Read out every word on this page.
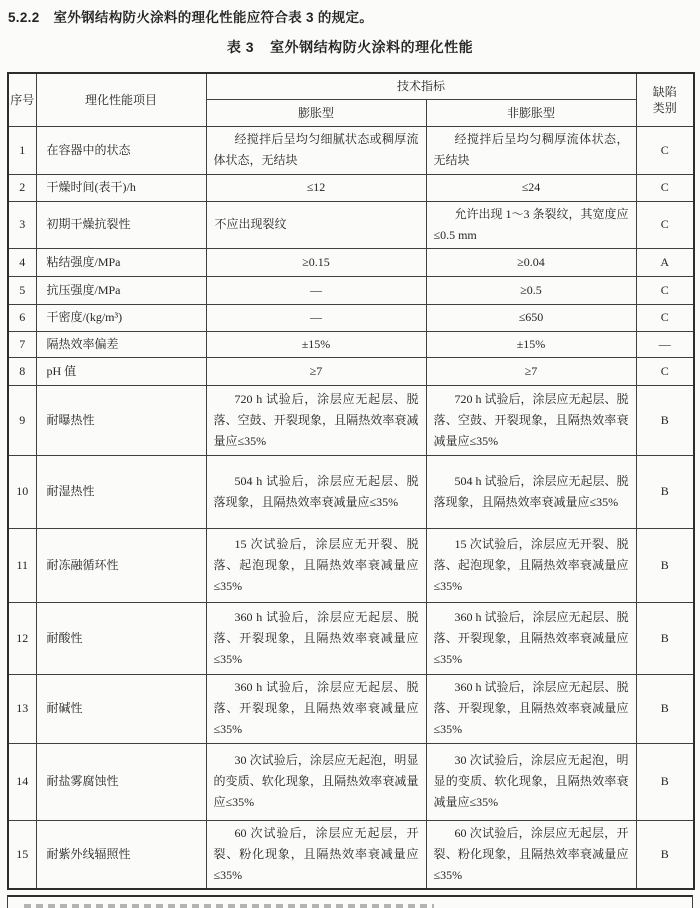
5.2.2 室外钢结构防火涂料的理化性能应符合表 3 的规定。
表 3 室外钢结构防火涂料的理化性能
序号	理化性能项目	技术指标		缺陷
类别

		膨胀型	非膨胀型	
1	在容器中的状态	经搅拌后呈均匀细腻状态或稠厚流体状态，无结块	经搅拌后呈均匀稠厚流体状态，无结块	C
2	干燥时间(表干)/h	≤12	≤24	C
3	初期干燥抗裂性	不应出现裂纹	允许出现 1～3 条裂纹，其宽度应≤0.5 mm	C
4	粘结强度/MPa	≥0.15	≥0.04	A
5	抗压强度/MPa	—	≥0.5	C
6	干密度/(kg/m³)	—	≤650	C
7	隔热效率偏差	±15%	±15%	—
8	pH 值	≥7	≥7	C
9	耐曝热性	720 h 试验后，涂层应无起层、脱落、空鼓、开裂现象，且隔热效率衰减量应≤35%	720 h 试验后，涂层应无起层、脱落、空鼓、开裂现象，且隔热效率衰减量应≤35%	B
10	耐湿热性	504 h 试验后，涂层应无起层、脱落现象，且隔热效率衰减量应≤35%	504 h 试验后，涂层应无起层、脱落现象，且隔热效率衰减量应≤35%	B
11	耐冻融循环性	15 次试验后，涂层应无开裂、脱落、起泡现象，且隔热效率衰减量应≤35%	15 次试验后，涂层应无开裂、脱落、起泡现象，且隔热效率衰减量应≤35%	B
12	耐酸性	360 h 试验后，涂层应无起层、脱落、开裂现象，且隔热效率衰减量应≤35%	360 h 试验后，涂层应无起层、脱落、开裂现象，且隔热效率衰减量应≤35%	B
13	耐碱性	360 h 试验后，涂层应无起层、脱落、开裂现象，且隔热效率衰减量应≤35%	360 h 试验后，涂层应无起层、脱落、开裂现象，且隔热效率衰减量应≤35%	B
14	耐盐雾腐蚀性	30 次试验后，涂层应无起泡，明显的变质、软化现象，且隔热效率衰减量应≤35%	30 次试验后，涂层应无起泡，明显的变质、软化现象，且隔热效率衰减量应≤35%	B
15	耐紫外线辐照性	60 次试验后，涂层应无起层，开裂、粉化现象，且隔热效率衰减量应≤35%	60 次试验后，涂层应无起层，开裂、粉化现象，且隔热效率衰减量应≤35%	B
